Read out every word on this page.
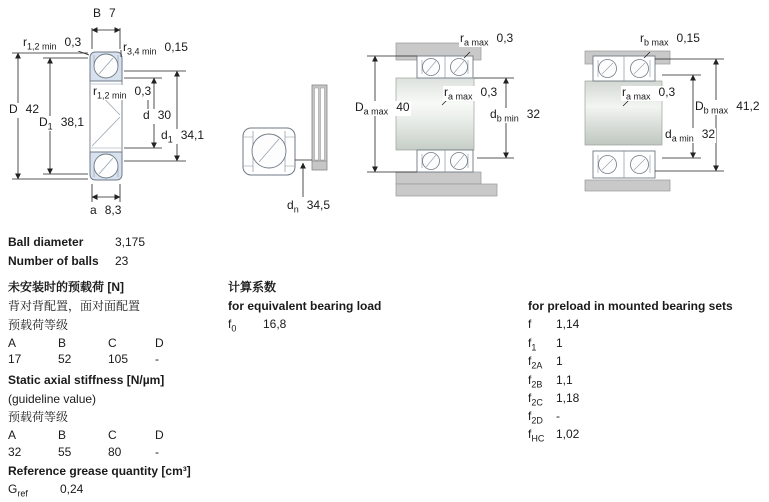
B 7
$r_{1,2 min}$ 0,3	$r_{3,4 min}$ 0,15
D 42
$D_1$ 38,1
$r_{1,2 min}$ 0,3
d 30
$d_1$ 34,1
a 8,3	$d_n$ 34,5
$r_{a max}$ 0,3
$D_{a max}$ 40
$r_{a max}$ 0,3
$d_{b min}$ 32
$r_{b max}$ 0,15
$r_{a max}$ 0,3
$D_{b max}$ 41,2
$d_{a min}$ 32
Ball diameter	3,175
Number of balls 23
未安装时的预载荷 [N]
背对背配置，面对面配置
预载荷等级
A	B	C	D
17	52	105 -
Static axial stiffness [N/µm]
(guideline value)
预载荷等级
A	B	C	D
32	55	80	-
Reference grease quantity [cm³]
$G_{ref}$	0,24
计算系数
for equivalent bearing load
$f_0$ 16,8
for preload in mounted bearing sets
f 1,14
$f_1$ 1
$f_{2A}$ 1
$f_{2B}$ 1,1
$f_{2C}$ 1,18
$f_{2D}$ -
$f_{HC}$ 1,02
